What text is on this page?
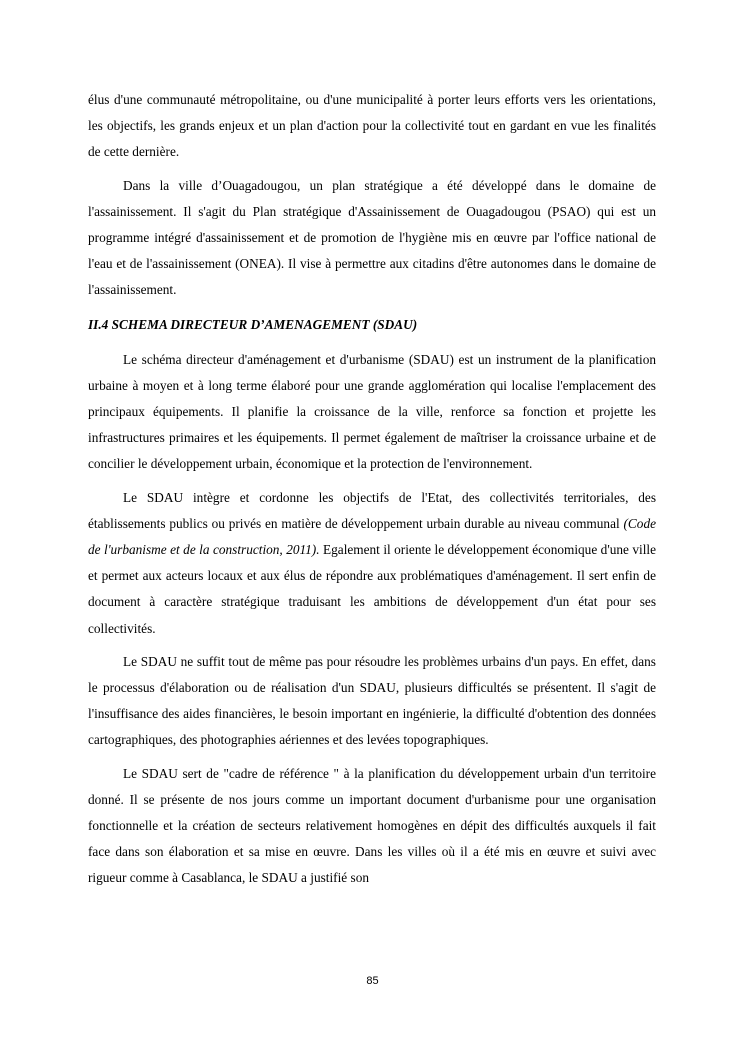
élus d'une communauté métropolitaine, ou d'une municipalité à porter leurs efforts vers les orientations, les objectifs, les grands enjeux et un plan d'action pour la collectivité tout en gardant en vue les finalités de cette dernière.

Dans la ville d’Ouagadougou, un plan stratégique a été développé dans le domaine de l'assainissement. Il s'agit du Plan stratégique d'Assainissement de Ouagadougou (PSAO) qui est un programme intégré d'assainissement et de promotion de l'hygiène mis en œuvre par l'office national de l'eau et de l'assainissement (ONEA). Il vise à permettre aux citadins d'être autonomes dans le domaine de l'assainissement.

II.4 SCHEMA DIRECTEUR D’AMENAGEMENT (SDAU)

Le schéma directeur d'aménagement et d'urbanisme (SDAU) est un instrument de la planification urbaine à moyen et à long terme élaboré pour une grande agglomération qui localise l'emplacement des principaux équipements. Il planifie la croissance de la ville, renforce sa fonction et projette les infrastructures primaires et les équipements. Il permet également de maîtriser la croissance urbaine et de concilier le développement urbain, économique et la protection de l'environnement.

Le SDAU intègre et cordonne les objectifs de l'Etat, des collectivités territoriales, des établissements publics ou privés en matière de développement urbain durable au niveau communal (Code de l'urbanisme et de la construction, 2011). Egalement il oriente le développement économique d'une ville et permet aux acteurs locaux et aux élus de répondre aux problématiques d'aménagement. Il sert enfin de document à caractère stratégique traduisant les ambitions de développement d'un état pour ses collectivités.

Le SDAU ne suffit tout de même pas pour résoudre les problèmes urbains d'un pays. En effet, dans le processus d'élaboration ou de réalisation d'un SDAU, plusieurs difficultés se présentent. Il s'agit de l'insuffisance des aides financières, le besoin important en ingénierie, la difficulté d'obtention des données cartographiques, des photographies aériennes et des levées topographiques.

Le SDAU sert de "cadre de référence " à la planification du développement urbain d'un territoire donné. Il se présente de nos jours comme un important document d'urbanisme pour une organisation fonctionnelle et la création de secteurs relativement homogènes en dépit des difficultés auxquels il fait face dans son élaboration et sa mise en œuvre. Dans les villes où il a été mis en œuvre et suivi avec rigueur comme à Casablanca, le SDAU a justifié son

85
